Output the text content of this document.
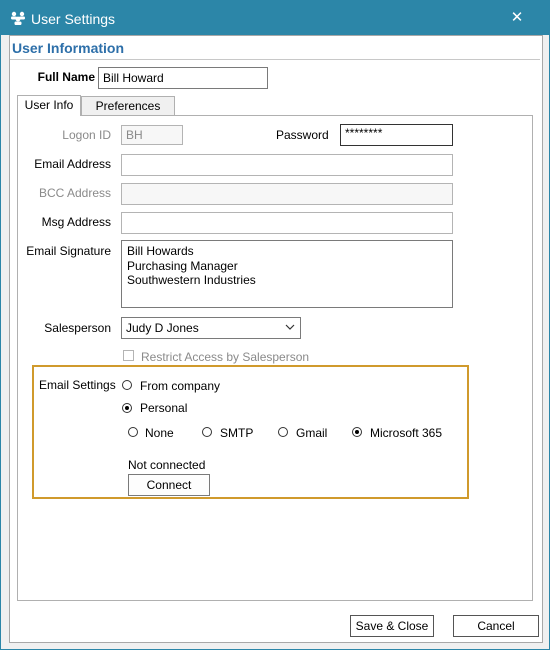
User Settings	✕
User Information
Full Name Bill Howard
User Info	Preferences
Logon ID	BH	Password	********
Email Address
BCC Address
Msg Address
Email Signature Bill Howards
Purchasing Manager
Southwestern Industries
Salesperson	Judy D Jones
Restrict Access by Salesperson
Email Settings From company
Personal
None	SMTP	Gmail	Microsoft 365
Not connected
Connect
Save & Close	Cancel
